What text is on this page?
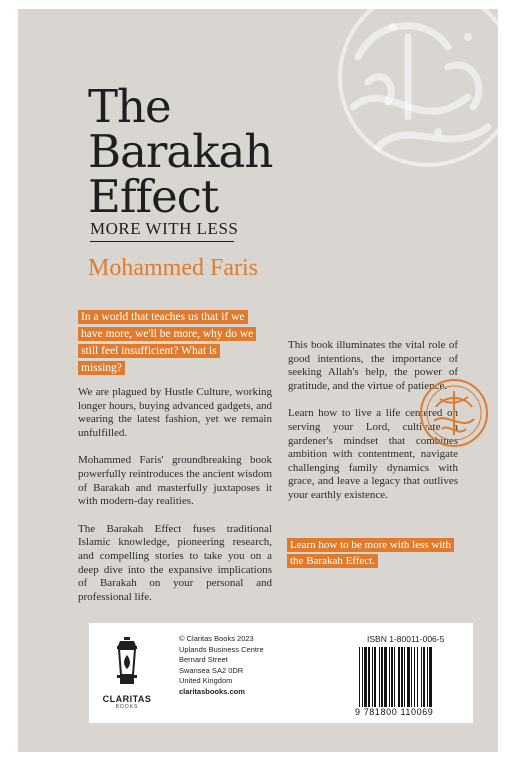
The
Barakah
Effect
MORE WITH LESS
Mohammed Faris
In a world that teaches us that if we have more, we'll be more, why do we still feel insufficient? What is missing?

We are plagued by Hustle Culture, working longer hours, buying advanced gadgets, and wearing the latest fashion, yet we remain unfulfilled.

Mohammed Faris' groundbreaking book powerfully reintroduces the ancient wisdom of Barakah and masterfully juxtaposes it with modern-day realities.

The Barakah Effect fuses traditional Islamic knowledge, pioneering research, and compelling stories to take you on a deep dive into the expansive implications of Barakah on your personal and professional life.

This book illuminates the vital role of good intentions, the importance of seeking Allah's help, the power of gratitude, and the virtue of patience.

Learn how to live a life centered on serving your Lord, cultivate a gardener's mindset that combines ambition with contentment, navigate challenging family dynamics with grace, and leave a legacy that outlives your earthly existence.

Learn how to be more with less with the Barakah Effect.
CLARITAS
BOOKS
© Claritas Books 2023
Uplands Business Centre
Bernard Street
Swansea SA2 0DR
United Kingdom
claritasbooks.com
ISBN 1-80011-006-5
9 781800 110069
